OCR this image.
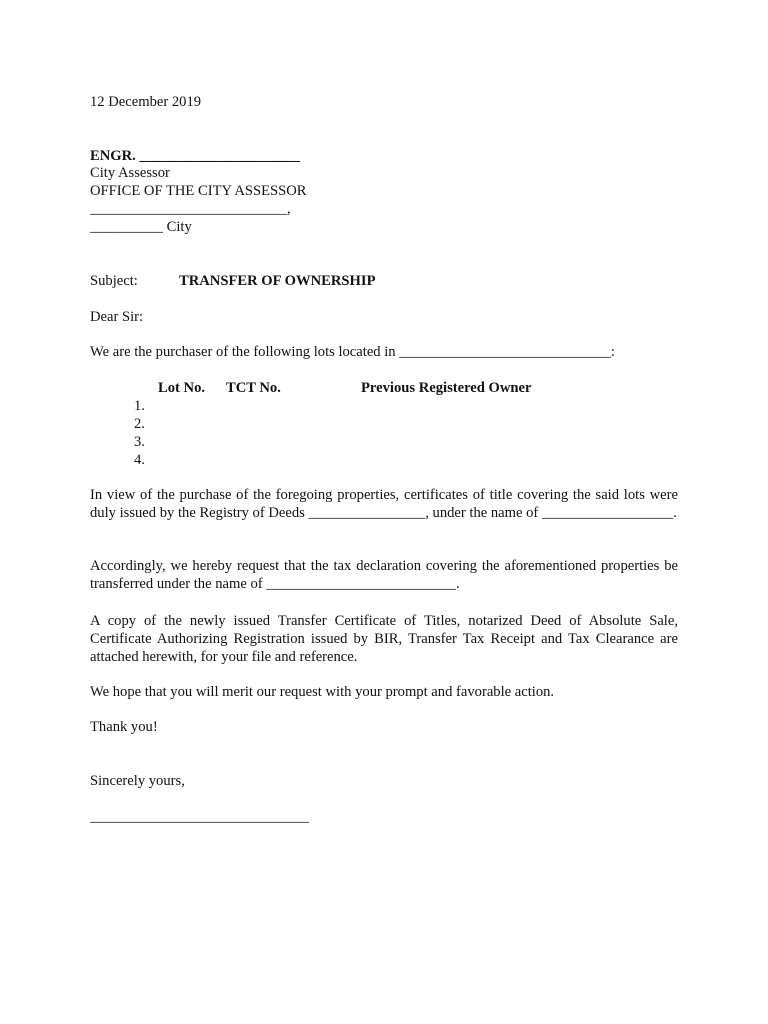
12 December 2019
ENGR. ______________________
City Assessor
OFFICE OF THE CITY ASSESSOR
___________________________,
__________ City
Subject:	TRANSFER OF OWNERSHIP
Dear Sir:
We are the purchaser of the following lots located in _____________________________:
Lot No. TCT No.	Previous Registered Owner
1.
2.
3.
4.
In view of the purchase of the foregoing properties, certificates of title covering the said lots were duly issued by the Registry of Deeds ________________, under the name of __________________.
Accordingly, we hereby request that the tax declaration covering the aforementioned properties be transferred under the name of __________________________.
A copy of the newly issued Transfer Certificate of Titles, notarized Deed of Absolute Sale, Certificate Authorizing Registration issued by BIR, Transfer Tax Receipt and Tax Clearance are attached herewith, for your file and reference.
We hope that you will merit our request with your prompt and favorable action.
Thank you!
Sincerely yours,
______________________________
